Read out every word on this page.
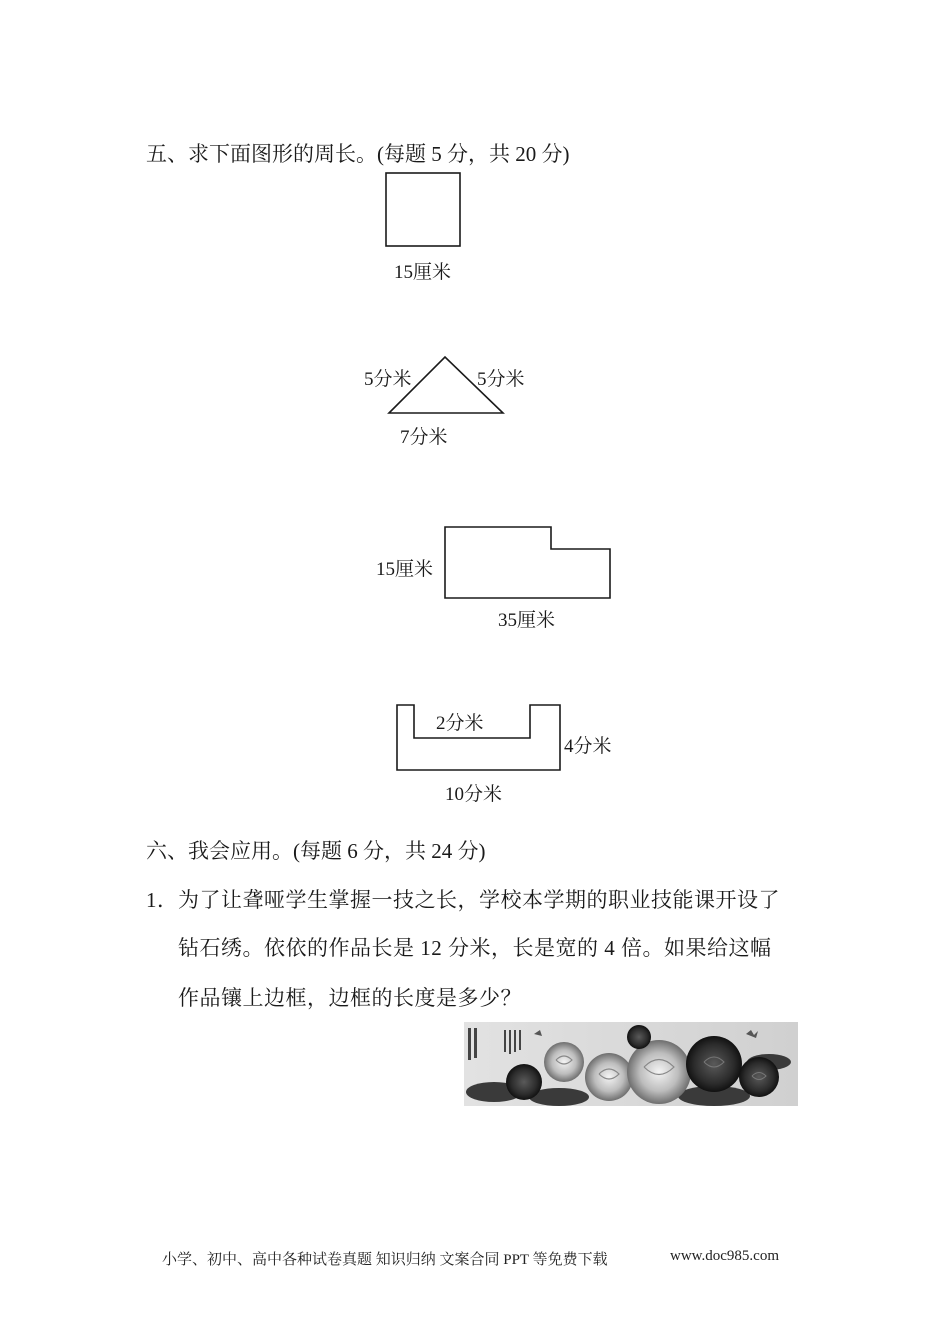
五、求下面图形的周长。(每题 5 分，共 20 分)
15厘米
5分米	5分米
7分米
15厘米
35厘米
2分米
4分米
10分米
六、我会应用。(每题 6 分，共 24 分)
1． 为了让聋哑学生掌握一技之长，学校本学期的职业技能课开设了
钻石绣。依依的作品长是 12 分米，长是宽的 4 倍。如果给这幅
作品镶上边框，边框的长度是多少？
小学、初中、高中各种试卷真题 知识归纳 文案合同 PPT 等免费下载	www.doc985.com
